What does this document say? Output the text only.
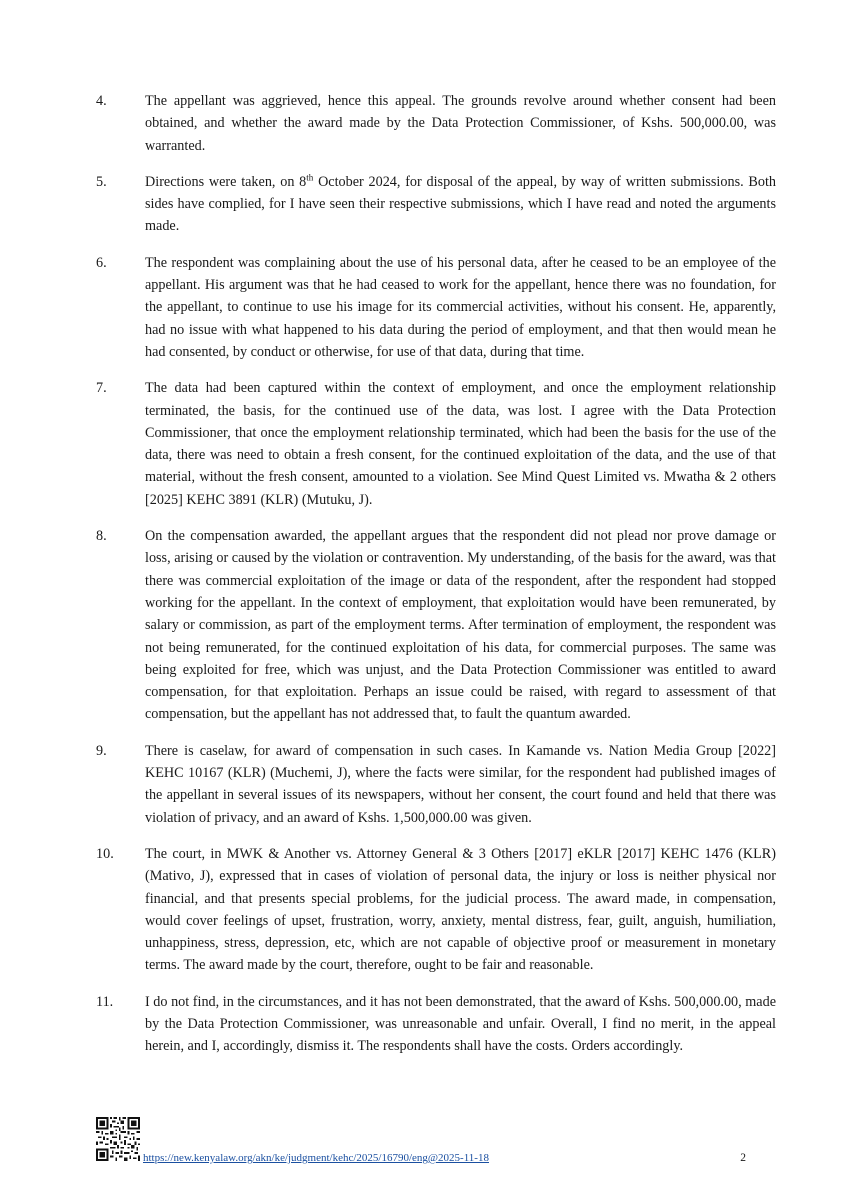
4.	The appellant was aggrieved, hence this appeal. The grounds revolve around whether consent had been obtained, and whether the award made by the Data Protection Commissioner, of Kshs. 500,000.00, was warranted.
5.	Directions were taken, on 8th October 2024, for disposal of the appeal, by way of written submissions. Both sides have complied, for I have seen their respective submissions, which I have read and noted the arguments made.
6.	The respondent was complaining about the use of his personal data, after he ceased to be an employee of the appellant. His argument was that he had ceased to work for the appellant, hence there was no foundation, for the appellant, to continue to use his image for its commercial activities, without his consent. He, apparently, had no issue with what happened to his data during the period of employment, and that then would mean he had consented, by conduct or otherwise, for use of that data, during that time.
7.	The data had been captured within the context of employment, and once the employment relationship terminated, the basis, for the continued use of the data, was lost. I agree with the Data Protection Commissioner, that once the employment relationship terminated, which had been the basis for the use of the data, there was need to obtain a fresh consent, for the continued exploitation of the data, and the use of that material, without the fresh consent, amounted to a violation. See Mind Quest Limited vs. Mwatha & 2 others [2025] KEHC 3891 (KLR) (Mutuku, J).
8.	On the compensation awarded, the appellant argues that the respondent did not plead nor prove damage or loss, arising or caused by the violation or contravention. My understanding, of the basis for the award, was that there was commercial exploitation of the image or data of the respondent, after the respondent had stopped working for the appellant. In the context of employment, that exploitation would have been remunerated, by salary or commission, as part of the employment terms. After termination of employment, the respondent was not being remunerated, for the continued exploitation of his data, for commercial purposes. The same was being exploited for free, which was unjust, and the Data Protection Commissioner was entitled to award compensation, for that exploitation. Perhaps an issue could be raised, with regard to assessment of that compensation, but the appellant has not addressed that, to fault the quantum awarded.
9.	There is caselaw, for award of compensation in such cases. In Kamande vs. Nation Media Group [2022] KEHC 10167 (KLR) (Muchemi, J), where the facts were similar, for the respondent had published images of the appellant in several issues of its newspapers, without her consent, the court found and held that there was violation of privacy, and an award of Kshs. 1,500,000.00 was given.
10.	The court, in MWK & Another vs. Attorney General & 3 Others [2017] eKLR [2017] KEHC 1476 (KLR) (Mativo, J), expressed that in cases of violation of personal data, the injury or loss is neither physical nor financial, and that presents special problems, for the judicial process. The award made, in compensation, would cover feelings of upset, frustration, worry, anxiety, mental distress, fear, guilt, anguish, humiliation, unhappiness, stress, depression, etc, which are not capable of objective proof or measurement in monetary terms. The award made by the court, therefore, ought to be fair and reasonable.
11.	I do not find, in the circumstances, and it has not been demonstrated, that the award of Kshs. 500,000.00, made by the Data Protection Commissioner, was unreasonable and unfair. Overall, I find no merit, in the appeal herein, and I, accordingly, dismiss it. The respondents shall have the costs. Orders accordingly.
https://new.kenyalaw.org/akn/ke/judgment/kehc/2025/16790/eng@2025-11-18	2
